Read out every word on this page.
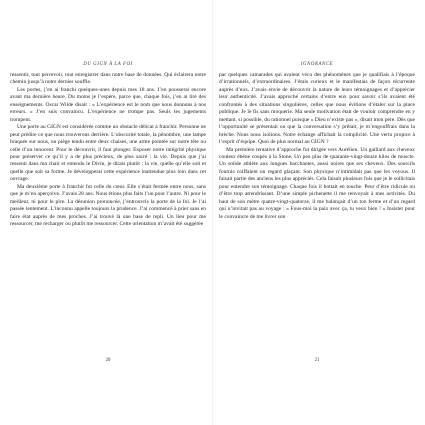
DU GIGN À LA FOI

ressentir, tout percevoir, tout enregistrer dans notre base de données. Qui éclairera notre chemin jusqu’à notre dernier souffle.

Les portes, j’en ai franchi quelques-unes depuis mes 18 ans. J’en pousserai encore avant ma dernière heure. Du moins je l’espère, parce que, chaque fois, j’en ai tiré des enseignements. Oscar Wilde disait : « L’expérience est le nom que nous donnons à nos erreurs. » J’en suis convaincu. L’expérience ne trompe pas. Seuls les jugements trompent.

Une porte au GIGN est considérée comme un obstacle délicat à franchir. Personne ne peut prédire ce que nous trouverons derrière. L’obscurité totale, la pénombre, une lampe braquée sur nous, un piège tendu entre deux chaises, une arme pointée sur notre tête ou celle d’un innocent. Pour le découvrir, il faut plonger. Exposer notre intégrité physique pour préserver ce qu’il y a de plus précieux, de plus sacré : la vie. Depuis que j’ai ressenti dans ma chair et entendu le Divin, je dirais plutôt : la vie, quelle qu’elle soit et quelle que soit sa forme. Je développerai cette expérience inattendue plus loin dans cet ouvrage.

Ma deuxième porte à franchir fut celle du cœur. Elle s’était fermée entre nous, sans que je m’en aperçoive. J’avais 28 ans. Nous étions plus faits l’un pour l’autre. Ni pour le meilleur, ni pour le pire. La désunion prononcée, j’entrouvris la porte de la foi. Je l’ai passée lentement. L’inconnu appelle toujours la prudence. J’ai commencé à prier sans en faire état auprès de mes proches. J’ai trouvé là une base de repli. Un lieu pour me ressourcer, me recharger ou plutôt me ressourcer. Cette orientation m’avait été suggérée

20
IGNORANCE

par quelques camarades qui avaient vécu des phénomènes que je qualifiais à l’époque d’irrationnels, d’extraordinaires. J’étais curieux et le manifestais de façon récurrente auprès d’eux. J’avais envie de découvrir la nature de leurs témoignages et d’apprécier leur authenticité. J’avais approché certains d’entre eux pour savoir s’ils avaient été confrontés à des situations singulières, celles que nous évitions d’étaler sur la place publique. Je le fis sans moquerie. Ma seule motivation était de vouloir comprendre en y mettant, si possible, du rationnel puisque « Dieu n’existe pas », disait mon père. Dès que l’opportunité se présentait ou que la conversation s’y prêtait, je m’engouffrais dans la brèche. Nous nous isolions. Notre échange affichait la complicité. Une vertu propice à l’esprit d’équipe. Quoi de plus normal au GIGN ?

Ma première tentative d’approche fut dirigée vers Aurélien. Un gaillard aux cheveux couleur ébène coupés à la Stone. Un peu plus de quarante-vingt-douze kilos de muscle. Un solide athlète aux longues bacchantes, aussi noires que ses cheveux. Des sourcils fournis coiffaient un regard glaçant. Son physique n’intimidait pas que les voyous. Il faisait partie des anciens les plus appréciés. Cela faisait plusieurs fois que je le sollicitais pour entendre son témoignage. Chaque fois il bottait en touche. Peur d’être ridicule ou d’être trop atrendrissant. D’une simple pichenette il me renvoyait à mes activités. Du haut de son mètre quatre-vingt-quatorze, il me balançait d’un ton ferme et d’un regard qui n’invitait pas au voyage : « Fous-moi la paix avec ça, tu veux bien ! » Insister pour le convaincre de me livrer son

21
